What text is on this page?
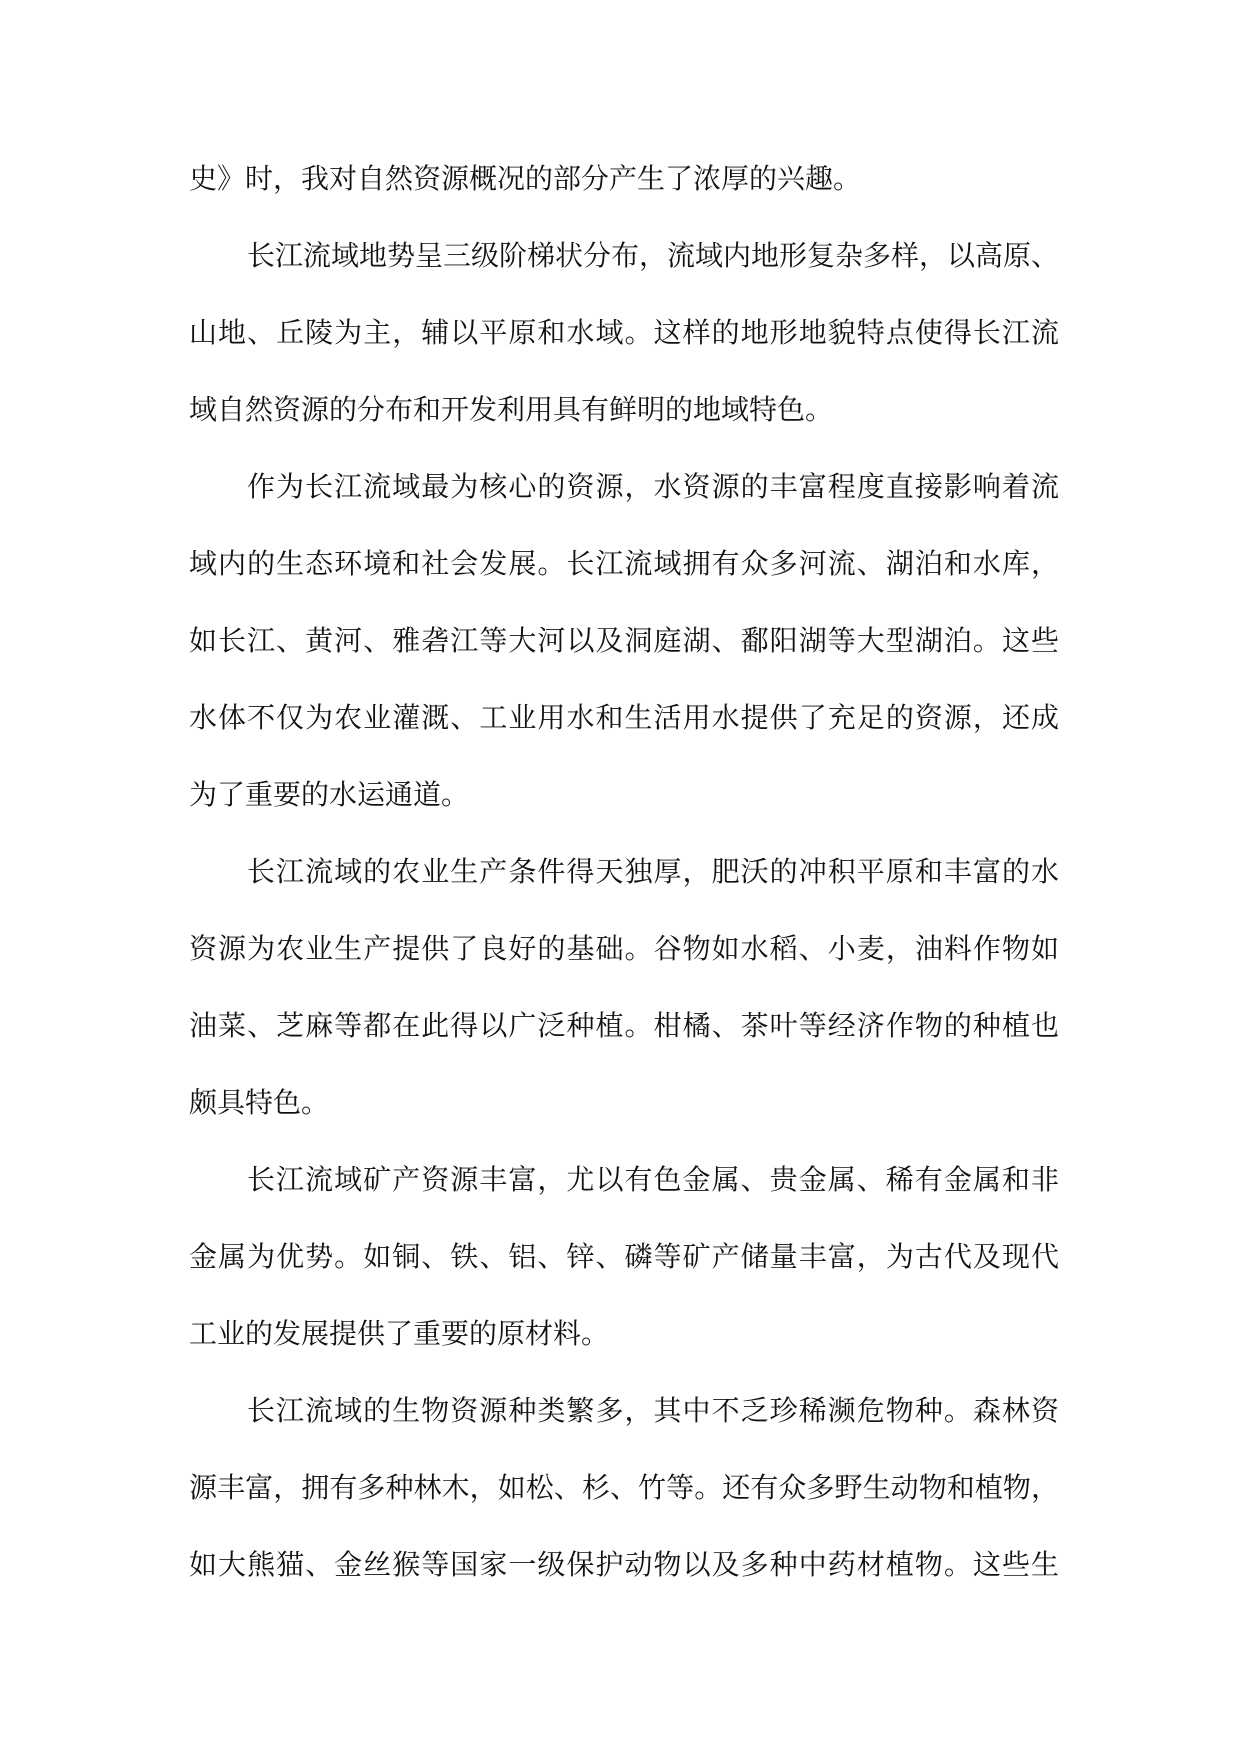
史》时，我对自然资源概况的部分产生了浓厚的兴趣。
长江流域地势呈三级阶梯状分布，流域内地形复杂多样，以高原、
山地、丘陵为主，辅以平原和水域。这样的地形地貌特点使得长江流
域自然资源的分布和开发利用具有鲜明的地域特色。
作为长江流域最为核心的资源，水资源的丰富程度直接影响着流
域内的生态环境和社会发展。长江流域拥有众多河流、湖泊和水库，
如长江、黄河、雅砻江等大河以及洞庭湖、鄱阳湖等大型湖泊。这些
水体不仅为农业灌溉、工业用水和生活用水提供了充足的资源，还成
为了重要的水运通道。
长江流域的农业生产条件得天独厚，肥沃的冲积平原和丰富的水
资源为农业生产提供了良好的基础。谷物如水稻、小麦，油料作物如
油菜、芝麻等都在此得以广泛种植。柑橘、茶叶等经济作物的种植也
颇具特色。
长江流域矿产资源丰富，尤以有色金属、贵金属、稀有金属和非
金属为优势。如铜、铁、铝、锌、磷等矿产储量丰富，为古代及现代
工业的发展提供了重要的原材料。
长江流域的生物资源种类繁多，其中不乏珍稀濒危物种。森林资
源丰富，拥有多种林木，如松、杉、竹等。还有众多野生动物和植物，
如大熊猫、金丝猴等国家一级保护动物以及多种中药材植物。这些生
